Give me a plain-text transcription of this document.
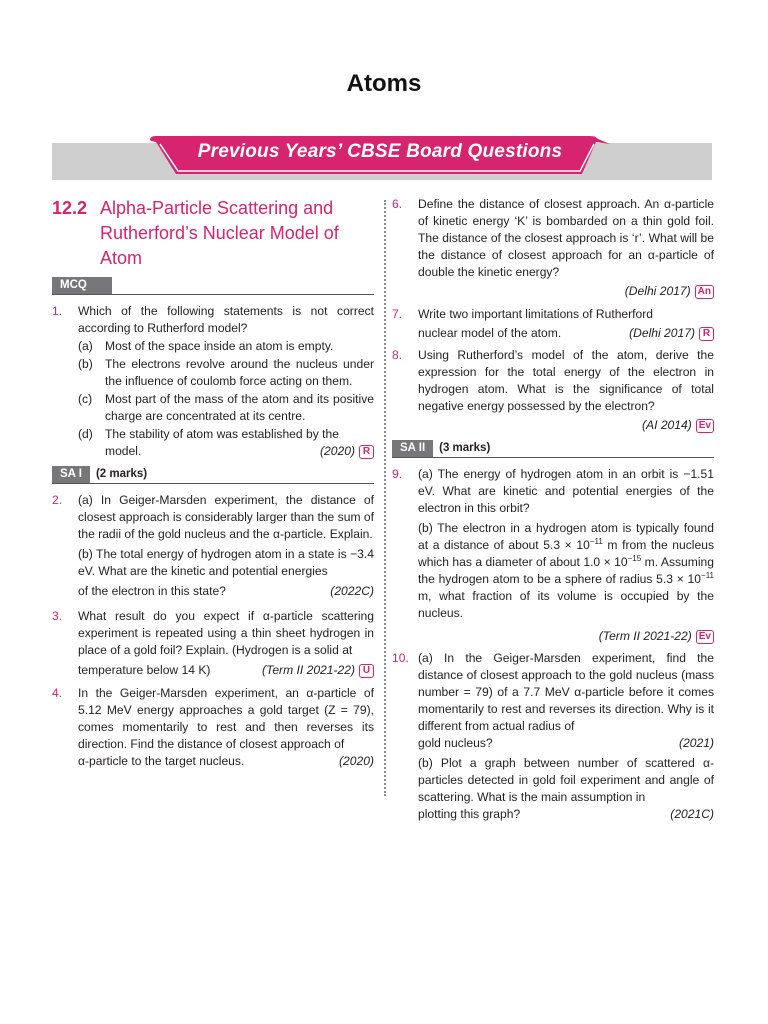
Atoms
Previous Years’ CBSE Board Questions
12.2 Alpha-Particle Scattering and Rutherford’s Nuclear Model of Atom
MCQ
1.	Which of the following statements is not correct according to Rutherford model?
(a)	Most of the space inside an atom is empty.
(b)	The electrons revolve around the nucleus under the influence of coulomb force acting on them.
(c)	Most part of the mass of the atom and its positive charge are concentrated at its centre.
(d)	The stability of atom was established by the
model.	(2020) R
SA I	(2 marks)
2.	(a) In Geiger-Marsden experiment, the distance of closest approach is considerably larger than the sum of the radii of the gold nucleus and the α-particle. Explain.
(b) The total energy of hydrogen atom in a state is −3.4 eV. What are the kinetic and potential energies
of the electron in this state?	(2022C)
3.	What result do you expect if α-particle scattering experiment is repeated using a thin sheet hydrogen in place of a gold foil? Explain. (Hydrogen is a solid at
temperature below 14 K)	(Term II 2021-22) U
4.	In the Geiger-Marsden experiment, an α-particle of 5.12 MeV energy approaches a gold target (Z = 79), comes momentarily to rest and then reverses its direction. Find the distance of closest approach of
α-particle to the target nucleus.	(2020)
6.	Define the distance of closest approach. An α-particle of kinetic energy ‘K’ is bombarded on a thin gold foil. The distance of the closest approach is ‘r’. What will be the distance of closest approach for an α-particle of double the kinetic energy?
(Delhi 2017) An
7.	Write two important limitations of Rutherford
nuclear model of the atom.	(Delhi 2017) R
8.	Using Rutherford’s model of the atom, derive the expression for the total energy of the electron in hydrogen atom. What is the significance of total negative energy possessed by the electron?
(AI 2014) Ev
SA II	(3 marks)
9.	(a) The energy of hydrogen atom in an orbit is −1.51 eV. What are kinetic and potential energies of the electron in this orbit?
(b) The electron in a hydrogen atom is typically found at a distance of about $5.3 \times 10^{-11}$ m from the nucleus which has a diameter of about $1.0 \times 10^{-15}$ m. Assuming the hydrogen atom to be a sphere of radius $5.3 \times 10^{-11}$ m, what fraction of its volume is occupied by the nucleus.
(Term II 2021-22) Ev
10. (a) In the Geiger-Marsden experiment, find the distance of closest approach to the gold nucleus (mass number = 79) of a 7.7 MeV α-particle before it comes momentarily to rest and reverses its direction. Why is it different from actual radius of
gold nucleus?	(2021)
(b) Plot a graph between number of scattered α-particles detected in gold foil experiment and angle of scattering. What is the main assumption in
plotting this graph?	(2021C)
